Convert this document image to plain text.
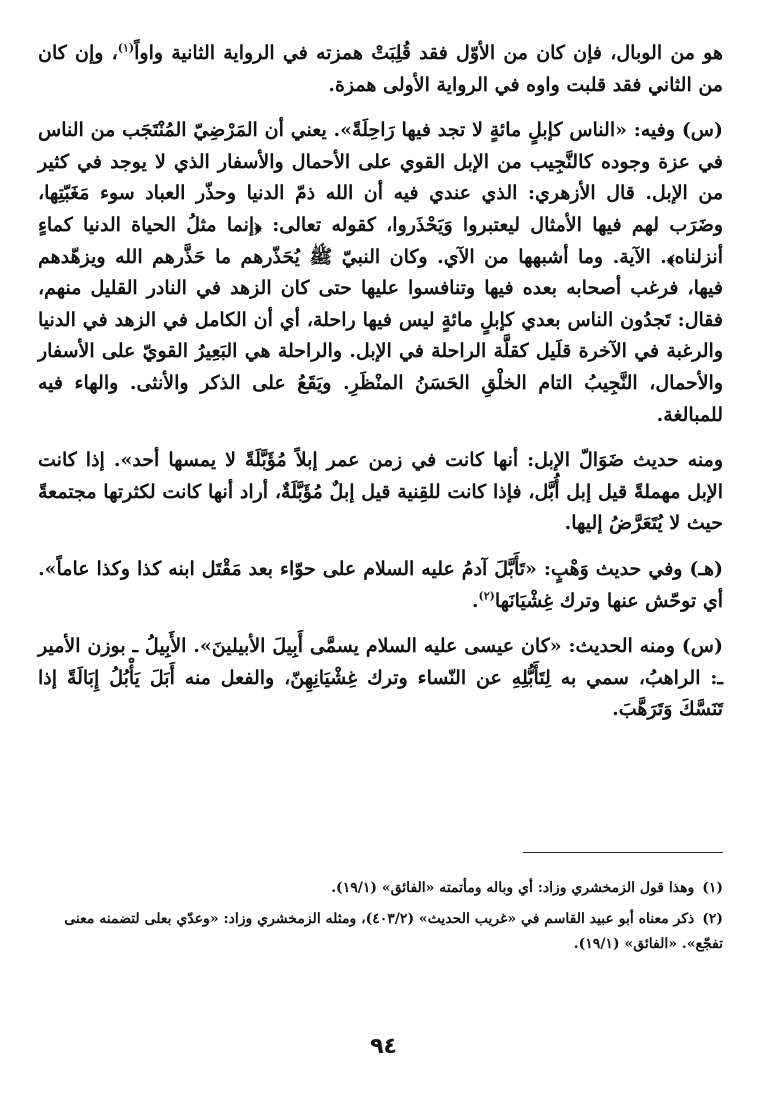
هو من الوبال، فإن كان من الأوّل فقد قُلِبَتْ همزته في الرواية الثانية واواً$^{(١)}$، وإن كان من الثاني فقد قلبت واوه في الرواية الأولى همزة.

(س) وفيه: «الناس كإبلٍ مائةٍ لا تجد فيها رَاحِلَةً». يعني أن المَرْضِيّ المُنْتَجَب من الناس في عزة وجوده كالنَّجِيب من الإبل القوي على الأحمال والأسفار الذي لا يوجد في كثير من الإبل. قال الأزهري: الذي عندي فيه أن الله ذمّ الدنيا وحذّر العباد سوء مَغَبّتِها، وضَرَب لهم فيها الأمثال ليعتبروا وَيَحْذَروا، كقوله تعالى: ﴿إنما مثلُ الحياة الدنيا كماءٍ أنزلناه﴾. الآية. وما أشبهها من الآي. وكان النبيّ ﷺ يُحَذّرهم ما حَذَّرهم الله ويزهّدهم فيها، فرغب أصحابه بعده فيها وتنافسوا عليها حتى كان الزهد في النادر القليل منهم، فقال: تَجدُون الناس بعدي كإبلٍ مائةٍ ليس فيها راحلة، أي أن الكامل في الزهد في الدنيا والرغبة في الآخرة قلَيل كقلَّة الراحلة في الإبل. والراحلة هي البَعِيرُ القويّ على الأسفار والأحمال، النَّجِيبُ التام الخلْقِ الحَسَنُ المنْظَرِ. ويَقَعُ على الذكر والأنثى. والهاء فيه للمبالغة.

ومنه حديث ضَوَالّ الإبل: أنها كانت في زمن عمر إبلاً مُؤَبَّلَةً لا يمسها أحد». إذا كانت الإبل مهملةً قيل إبل أُبَّل، فإذا كانت للقِنية قيل إبلٌ مُؤَبَّلَةٌ، أراد أنها كانت لكثرتها مجتمعةً حيث لا يُتَعَرَّضُ إليها.

(هـ) وفي حديث وَهْبٍ: «تَأَبَّلَ آدمُ عليه السلام على حوّاء بعد مَقْتَل ابنه كذا وكذا عاماً». أي توحّش عنها وترك غِشْيَانَها$^{(٢)}$.

(س) ومنه الحديث: «كان عيسى عليه السلام يسمَّى أَبِيلَ الأبيلينَ». الأَبِيلُ ـ بوزن الأمير ـ: الراهبُ، سمي به لِتَأَبُّلِهِ عن النّساء وترك غِشْيَانِهِنّ، والفعل منه أَبَلَ يَأْبُلُ إِبَالَةً إذا تَنَسَّكَ وَتَرَهَّبَ.

(١)وهذا قول الزمخشري وزاد: أي وباله ومأتمته «الفائق» (١٩/١).

(٢)ذكر معناه أبو عبيد القاسم في «غريب الحديث» (٤٠٣/٢)، ومثله الزمخشري وزاد: «وعدّي بعلى لتضمنه معنى تفجّع». «الفائق» (١٩/١).

٩٤
